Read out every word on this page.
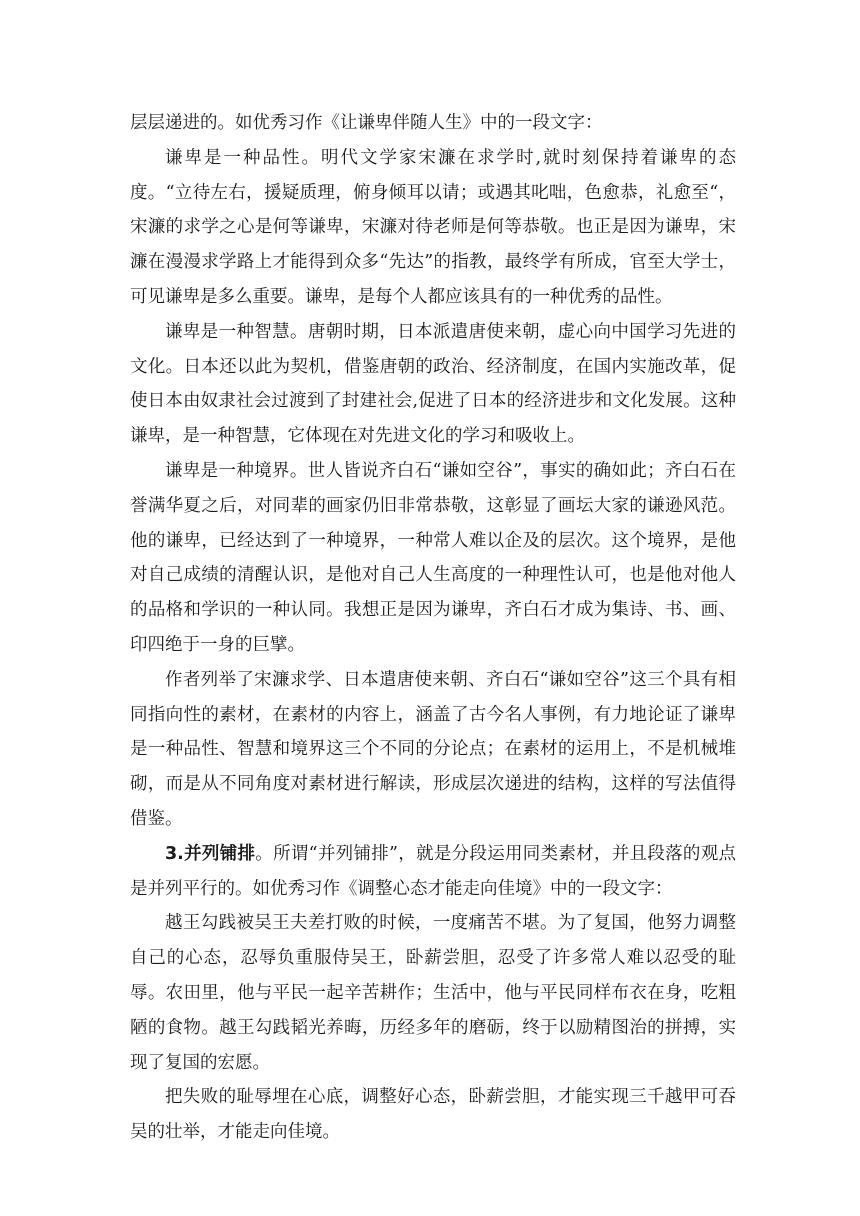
层层递进的。如优秀习作《让谦卑伴随人生》中的一段文字：

谦卑是一种品性。明代文学家宋濂在求学时,就时刻保持着谦卑的态度。“立待左右，援疑质理，俯身倾耳以请；或遇其叱咄，色愈恭，礼愈至“，宋濂的求学之心是何等谦卑，宋濂对待老师是何等恭敬。也正是因为谦卑，宋濂在漫漫求学路上才能得到众多“先达”的指教，最终学有所成，官至大学士，可见谦卑是多么重要。谦卑，是每个人都应该具有的一种优秀的品性。

谦卑是一种智慧。唐朝时期，日本派遣唐使来朝，虚心向中国学习先进的文化。日本还以此为契机，借鉴唐朝的政治、经济制度，在国内实施改革，促使日本由奴隶社会过渡到了封建社会,促进了日本的经济进步和文化发展。这种谦卑，是一种智慧，它体现在对先进文化的学习和吸收上。

谦卑是一种境界。世人皆说齐白石“谦如空谷”，事实的确如此；齐白石在誉满华夏之后，对同辈的画家仍旧非常恭敬，这彰显了画坛大家的谦逊风范。他的谦卑，已经达到了一种境界，一种常人难以企及的层次。这个境界，是他对自己成绩的清醒认识，是他对自己人生高度的一种理性认可，也是他对他人的品格和学识的一种认同。我想正是因为谦卑，齐白石才成为集诗、书、画、印四绝于一身的巨擘。

作者列举了宋濂求学、日本遣唐使来朝、齐白石“谦如空谷”这三个具有相同指向性的素材，在素材的内容上，涵盖了古今名人事例，有力地论证了谦卑是一种品性、智慧和境界这三个不同的分论点；在素材的运用上，不是机械堆砌，而是从不同角度对素材进行解读，形成层次递进的结构，这样的写法值得借鉴。

3.并列铺排。所谓“并列铺排”，就是分段运用同类素材，并且段落的观点是并列平行的。如优秀习作《调整心态才能走向佳境》中的一段文字：

越王勾践被吴王夫差打败的时候，一度痛苦不堪。为了复国，他努力调整自己的心态，忍辱负重服侍吴王，卧薪尝胆，忍受了许多常人难以忍受的耻辱。农田里，他与平民一起辛苦耕作；生活中，他与平民同样布衣在身，吃粗陋的食物。越王勾践韬光养晦，历经多年的磨砺，终于以励精图治的拼搏，实现了复国的宏愿。

把失败的耻辱埋在心底，调整好心态，卧薪尝胆，才能实现三千越甲可吞吴的壮举，才能走向佳境。
